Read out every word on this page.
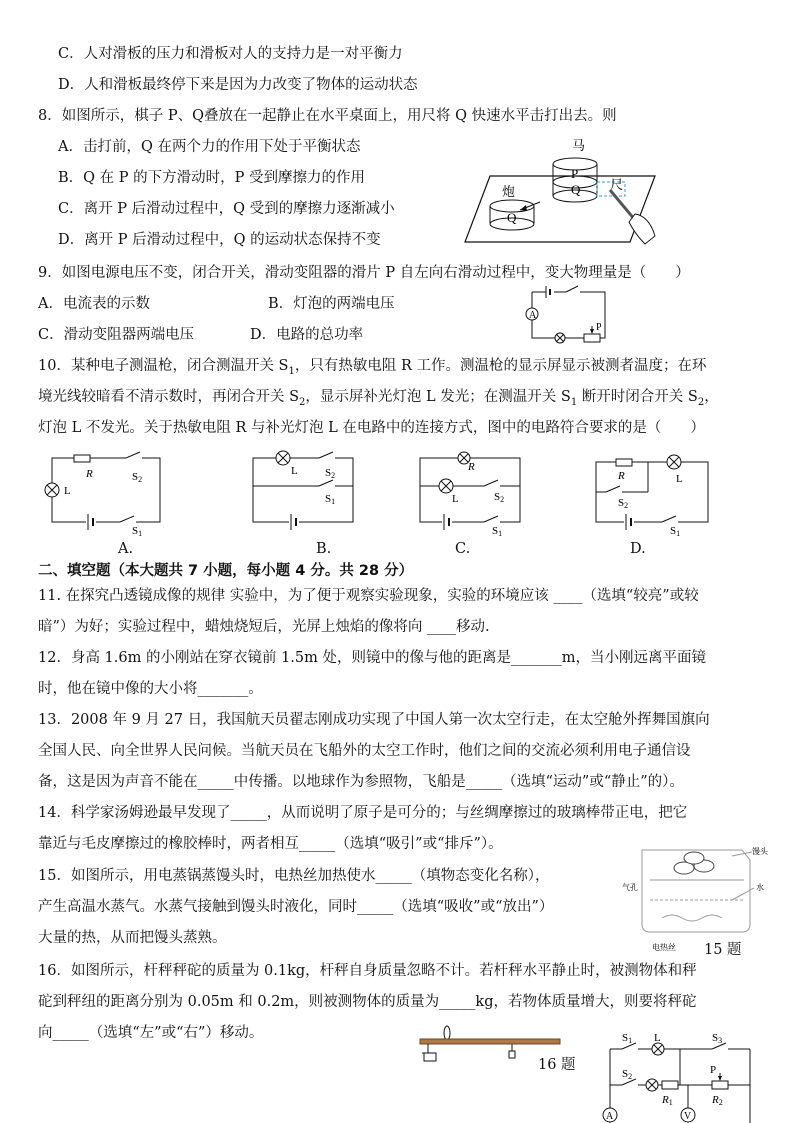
C．人对滑板的压力和滑板对人的支持力是一对平衡力
D．人和滑板最终停下来是因为力改变了物体的运动状态
8．如图所示，棋子 P、Q叠放在一起静止在水平桌面上，用尺将 Q 快速水平击打出去。则
A．击打前，Q 在两个力的作用下处于平衡状态
B．Q 在 P 的下方滑动时，P 受到摩擦力的作用
C．离开 P 后滑动过程中，Q 受到的摩擦力逐渐减小
D．离开 P 后滑动过程中，Q 的运动状态保持不变
马
P
Q 尺
炮
Q
9．如图电源电压不变，闭合开关，滑动变阻器的滑片 P 自左向右滑动过程中，变大物理量是（　　）
A．电流表的示数	B．灯泡的两端电压
C．滑动变阻器两端电压	D．电路的总功率
A
P
10．某种电子测温枪，闭合测温开关 $S_1$，只有热敏电阻 R 工作。测温枪的显示屏显示被测者温度；在环
境光线较暗看不清示数时，再闭合开关 $S_2$，显示屏补光灯泡 L 发光；在测温开关 $S_1$ 断开时闭合开关 $S_2$，
灯泡 L 不发光。关于热敏电阻 R 与补光灯泡 L 在电路中的连接方式，图中的电路符合要求的是（　　）
R	S2
L
S1
A.
L S2
S1
B.
R
L	S2
S1
C.
R	L
S2
S1
D.
二、填空题（本大题共 7 小题，每小题 4 分。共 28 分）
11. 在探究凸透镜成像的规律 实验中，为了便于观察实验现象，实验的环境应该 ____（选填“较亮”或较
暗”）为好；实验过程中，蜡烛烧短后，光屏上烛焰的像将向 ____移动.
12．身高 1.6m 的小刚站在穿衣镜前 1.5m 处，则镜中的像与他的距离是_______m，当小刚远离平面镜
时，他在镜中像的大小将_______。
13．2008 年 9 月 27 日，我国航天员翟志刚成功实现了中国人第一次太空行走，在太空舱外挥舞国旗向
全国人民、向全世界人民问候。当航天员在飞船外的太空工作时，他们之间的交流必须利用电子通信设
备，这是因为声音不能在_____中传播。以地球作为参照物，飞船是_____（选填“运动”或“静止”的）。
14．科学家汤姆逊最早发现了_____，从而说明了原子是可分的；与丝绸摩擦过的玻璃棒带正电，把它
靠近与毛皮摩擦过的橡胶棒时，两者相互_____（选填“吸引”或“排斥”）。
15．如图所示，用电蒸锅蒸馒头时，电热丝加热使水_____（填物态变化名称），
产生高温水蒸气。水蒸气接触到馒头时液化，同时_____（选填“吸收”或“放出”）
大量的热，从而把馒头蒸熟。
馒头
水
气孔
电热丝 15 题
16．如图所示，杆秤秤砣的质量为 0.1kg，杆秤自身质量忽略不计。若杆秤水平静止时，被测物体和秤
砣到秤纽的距离分别为 0.05m 和 0.2m，则被测物体的质量为_____kg，若物体质量增大，则要将秤砣
向_____（选填“左”或“右”）移动。
16 题
S1 L	S3
S2
R1
P
R2
A	V
